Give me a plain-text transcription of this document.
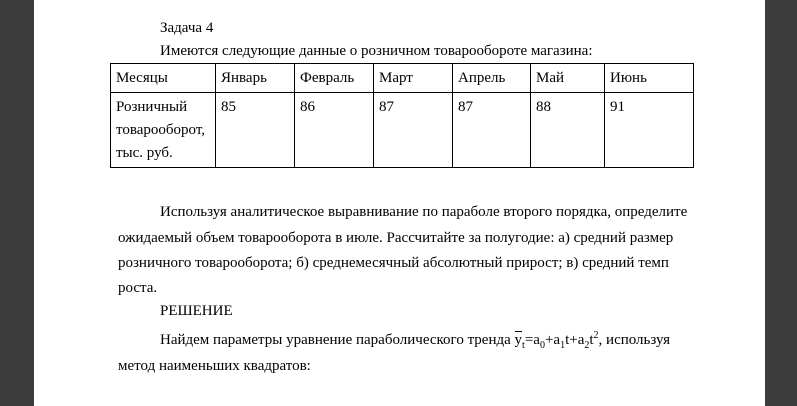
Задача 4
Имеются следующие данные о розничном товарообороте магазина:
Месяцы	Январь	Февраль	Март	Апрель	Май	Июнь

Розничный
товарооборот,
тыс. руб.	85	86	87	87	88	91
Используя аналитическое выравнивание по параболе второго порядка, определите
ожидаемый объем товарооборота в июле. Рассчитайте за полугодие: а) средний размер
розничного товарооборота; б) среднемесячный абсолютный прирост; в) средний темп
роста.
РЕШЕНИЕ
Найдем параметры уравнение параболического тренда $y_t=a_0+a_1t+a_2t^2$, используя
метод наименьших квадратов:
